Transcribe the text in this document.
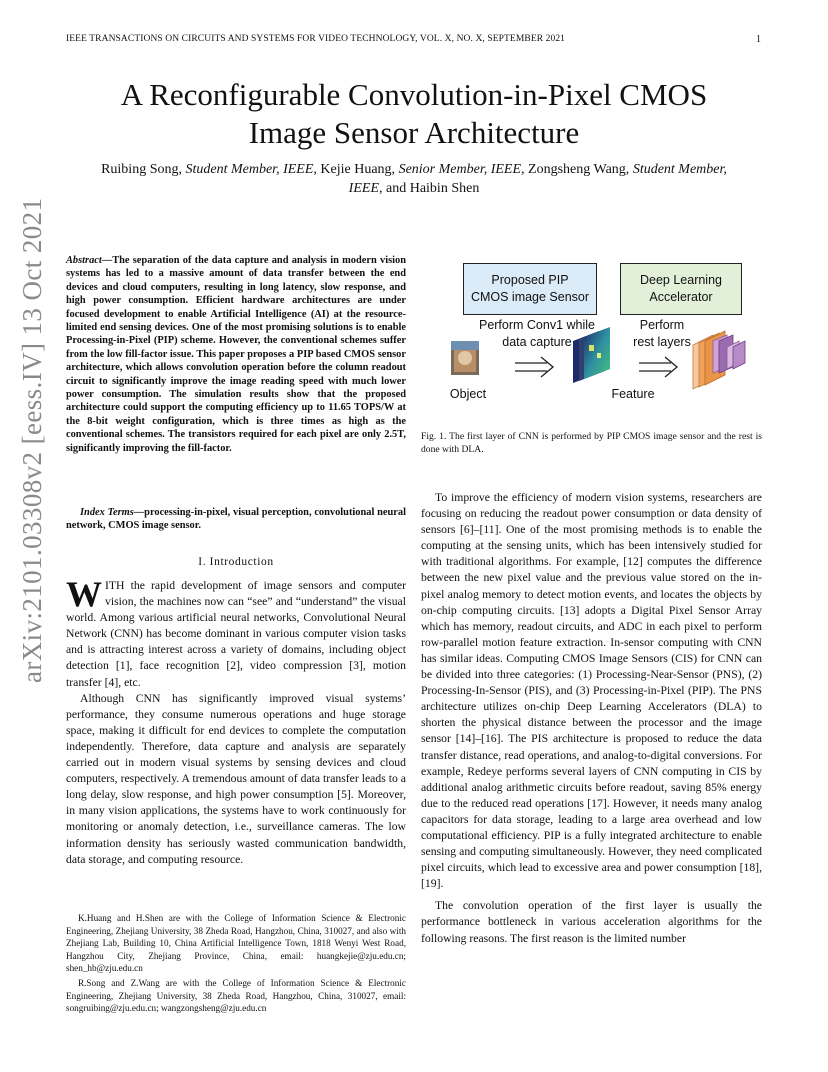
IEEE TRANSACTIONS ON CIRCUITS AND SYSTEMS FOR VIDEO TECHNOLOGY, VOL. X, NO. X, SEPTEMBER 2021	1
arXiv:2101.03308v2 [eess.IV] 13 Oct 2021
A Reconfigurable Convolution-in-Pixel CMOS
Image Sensor Architecture
Ruibing Song, Student Member, IEEE, Kejie Huang, Senior Member, IEEE, Zongsheng Wang, Student Member, IEEE, and Haibin Shen
Abstract—The separation of the data capture and analysis in modern vision systems has led to a massive amount of data transfer between the end devices and cloud computers, resulting in long latency, slow response, and high power consumption. Efficient hardware architectures are under focused development to enable Artificial Intelligence (AI) at the resource-limited end sensing devices. One of the most promising solutions is to enable Processing-in-Pixel (PIP) scheme. However, the conventional schemes suffer from the low fill-factor issue. This paper proposes a PIP based CMOS sensor architecture, which allows convolution operation before the column readout circuit to significantly improve the image reading speed with much lower power consumption. The simulation results show that the proposed architecture could support the computing efficiency up to 11.65 TOPS/W at the 8-bit weight configuration, which is three times as high as the conventional schemes. The transistors required for each pixel are only 2.5T, significantly improving the fill-factor.
Index Terms—processing-in-pixel, visual perception, convolutional neural network, CMOS image sensor.
I. Introduction

WITH the rapid development of image sensors and computer vision, the machines now can “see” and “understand” the visual world. Among various artificial neural networks, Convolutional Neural Network (CNN) has become dominant in various computer vision tasks and is attracting interest across a variety of domains, including object detection [1], face recognition [2], video compression [3], motion transfer [4], etc.

Although CNN has significantly improved visual systems’ performance, they consume numerous operations and huge storage space, making it difficult for end devices to complete the computation independently. Therefore, data capture and analysis are separately carried out in modern visual systems by sensing devices and cloud computers, respectively. A tremendous amount of data transfer leads to a long delay, slow response, and high power consumption [5]. Moreover, in many vision applications, the systems have to work continuously for monitoring or anomaly detection, i.e., surveillance cameras. The low information density has seriously wasted communication bandwidth, data storage, and computing resource.

K.Huang and H.Shen are with the College of Information Science & Electronic Engineering, Zhejiang University, 38 Zheda Road, Hangzhou, China, 310027, and also with Zhejiang Lab, Building 10, China Artificial Intelligence Town, 1818 Wenyi West Road, Hangzhou City, Zhejiang Province, China, email: huangkejie@zju.edu.cn; shen_hb@zju.edu.cn

R.Song and Z.Wang are with the College of Information Science & Electronic Engineering, Zhejiang University, 38 Zheda Road, Hangzhou, China, 310027, email: songruibing@zju.edu.cn; wangzongsheng@zju.edu.cn

Proposed PIP
CMOS image Sensor
Deep Learning
Accelerator
Perform Conv1 while
data capture
Perform
rest layers
Object	Feature
Fig. 1. The first layer of CNN is performed by PIP CMOS image sensor and the rest is done with DLA.

To improve the efficiency of modern vision systems, researchers are focusing on reducing the readout power consumption or data density of sensors [6]–[11]. One of the most promising methods is to enable the computing at the sensing units, which has been intensively studied for with traditional algorithms. For example, [12] computes the difference between the new pixel value and the previous value stored on the in-pixel analog memory to detect motion events, and locates the objects by on-chip computing circuits. [13] adopts a Digital Pixel Sensor Array which has memory, readout circuits, and ADC in each pixel to perform row-parallel motion feature extraction. In-sensor computing with CNN has similar ideas. Computing CMOS Image Sensors (CIS) for CNN can be divided into three categories: (1) Processing-Near-Sensor (PNS), (2) Processing-In-Sensor (PIS), and (3) Processing-in-Pixel (PIP). The PNS architecture utilizes on-chip Deep Learning Accelerators (DLA) to shorten the physical distance between the processor and the image sensor [14]–[16]. The PIS architecture is proposed to reduce the data transfer distance, read operations, and analog-to-digital conversions. For example, Redeye performs several layers of CNN computing in CIS by additional analog arithmetic circuits before readout, saving 85% energy due to the reduced read operations [17]. However, it needs many analog capacitors for data storage, leading to a large area overhead and low computational efficiency. PIP is a fully integrated architecture to enable sensing and computing simultaneously. However, they need complicated pixel circuits, which lead to excessive area and power consumption [18], [19].

The convolution operation of the first layer is usually the performance bottleneck in various acceleration algorithms for the following reasons. The first reason is the limited number
